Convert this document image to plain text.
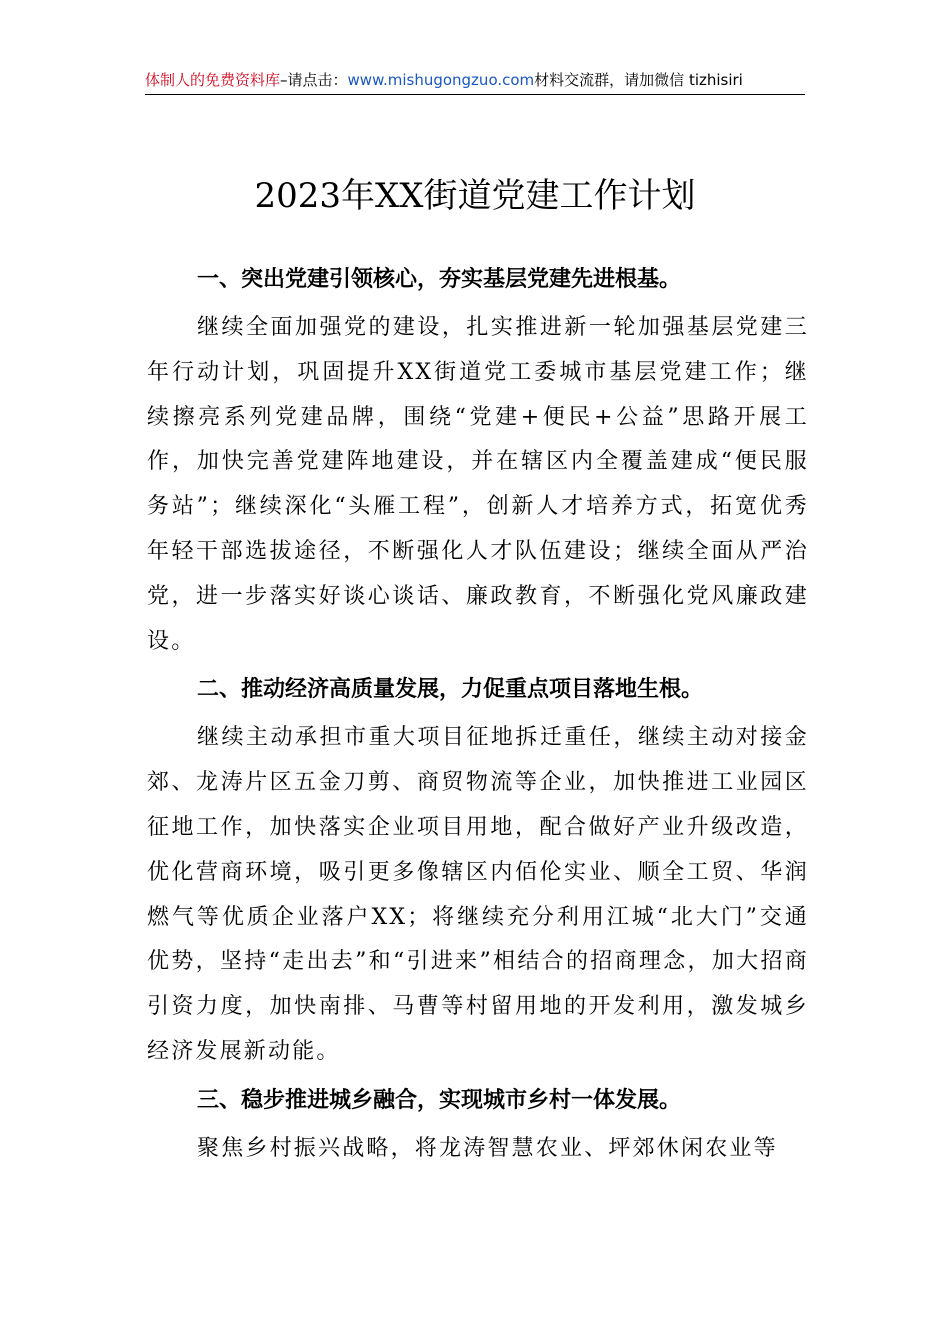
体制人的免费资料库–请点击：www.mishugongzuo.com材料交流群，请加微信 tizhisiri
2023年XX街道党建工作计划

一、突出党建引领核心，夯实基层党建先进根基。

继续全面加强党的建设，扎实推进新一轮加强基层党建三年行动计划，巩固提升XX街道党工委城市基层党建工作；继续擦亮系列党建品牌，围绕“党建+便民+公益”思路开展工作，加快完善党建阵地建设，并在辖区内全覆盖建成“便民服务站”；继续深化“头雁工程”，创新人才培养方式，拓宽优秀年轻干部选拔途径，不断强化人才队伍建设；继续全面从严治党，进一步落实好谈心谈话、廉政教育，不断强化党风廉政建设。

二、推动经济高质量发展，力促重点项目落地生根。

继续主动承担市重大项目征地拆迁重任，继续主动对接金郊、龙涛片区五金刀剪、商贸物流等企业，加快推进工业园区征地工作，加快落实企业项目用地，配合做好产业升级改造，优化营商环境，吸引更多像辖区内佰伦实业、顺全工贸、华润燃气等优质企业落户XX；将继续充分利用江城“北大门”交通优势，坚持“走出去”和“引进来”相结合的招商理念，加大招商引资力度，加快南排、马曹等村留用地的开发利用，激发城乡经济发展新动能。

三、稳步推进城乡融合，实现城市乡村一体发展。

聚焦乡村振兴战略，将龙涛智慧农业、坪郊休闲农业等
